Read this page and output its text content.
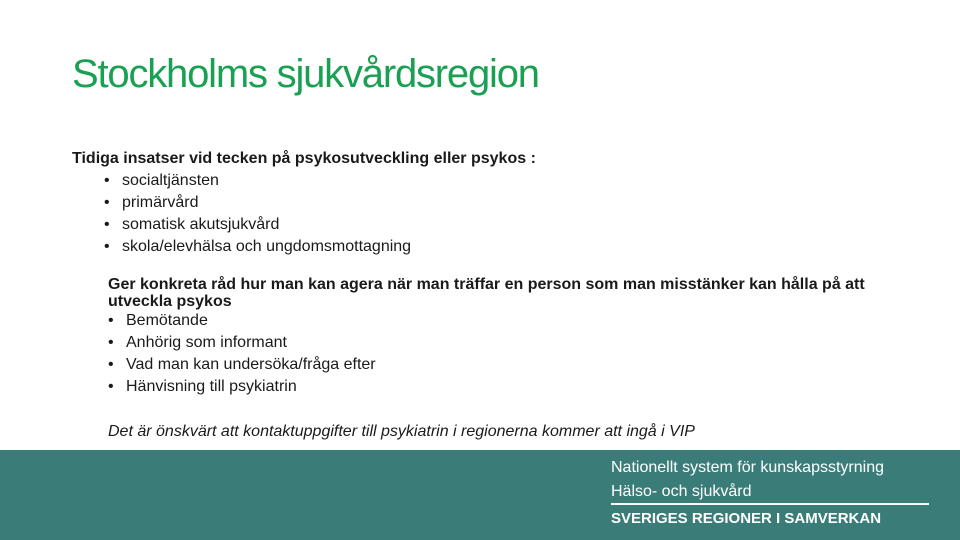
Stockholms sjukvårdsregion
Tidiga insatser vid tecken på psykosutveckling eller psykos :
• socialtjänsten
• primärvård
• somatisk akutsjukvård
• skola/elevhälsa och ungdomsmottagning
Ger konkreta råd hur man kan agera när man träffar en person som man misstänker kan hålla på att utveckla psykos
• Bemötande
• Anhörig som informant
• Vad man kan undersöka/fråga efter
• Hänvisning till psykiatrin
Det är önskvärt att kontaktuppgifter till psykiatrin i regionerna kommer att ingå i VIP
Nationellt system för kunskapsstyrning
Hälso- och sjukvård
SVERIGES REGIONER I SAMVERKAN
